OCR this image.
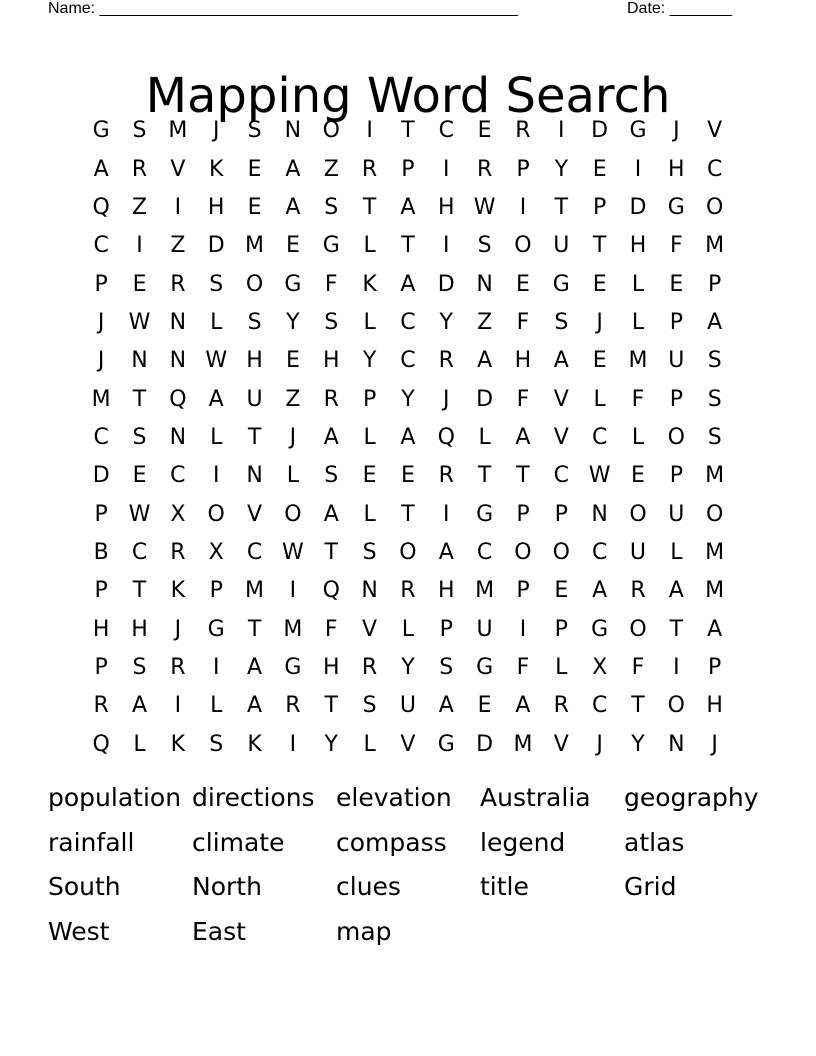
Name: _______________________________________________	Date: _______
Mapping Word Search
G	S M	J	S	N O	I	T	C	E	R	I	D G	J	V
A	R	V	K	E	A	Z	R	P	I	R	P	Y	E	I	H	C
Q	Z	I	H	E	A	S	T	A	H W	I	T	P	D G O
C	I	Z	D M E	G	L	T	I	S	O U	T	H	F	M
P	E	R	S	O G	F	K	A	D N	E	G	E	L	E	P
J	W N	L	S	Y	S	L	C	Y	Z	F	S	J	L	P	A
J	N N W H	E	H	Y	C	R	A	H	A	E M U	S
M	T	Q	A	U	Z	R	P	Y	J	D	F	V	L	F	P	S
C	S	N	L	T	J	A	L	A	Q	L	A	V	C	L	O	S
D	E	C	I	N	L	S	E	E	R	T	T	C W E	P	M
P W X	O	V	O	A	L	T	I	G	P	P	N O U O
B	C	R	X	C W T	S	O	A	C O O	C	U	L	M
P	T	K	P	M	I	Q N	R	H M	P	E	A	R	A M
H H	J	G	T	M	F	V	L	P	U	I	P	G O	T	A
P	S	R	I	A	G H	R	Y	S	G	F	L	X	F	I	P
R	A	I	L	A	R	T	S	U	A	E	A	R	C	T	O H
Q	L	K	S	K	I	Y	L	V	G D M V	J	Y	N	J
population directions elevation	Australia	geography
rainfall	climate	compass	legend	atlas
South	North	clues	title	Grid
West	East	map
